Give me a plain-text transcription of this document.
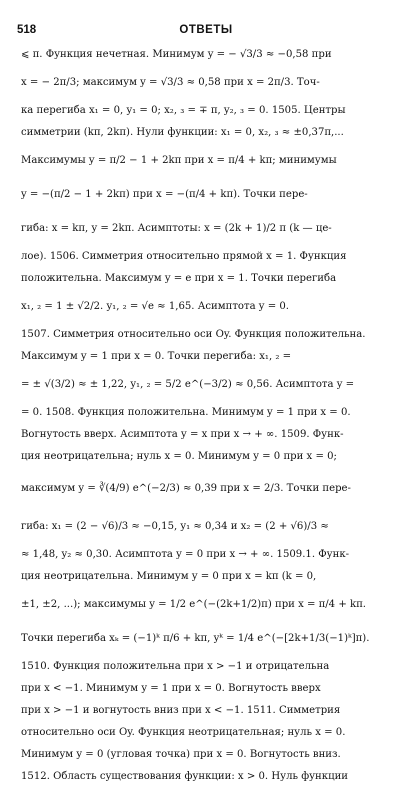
518	ОТВЕТЫ
⩽ π. Функция нечетная. Минимум y = − √3/3 ≈ −0,58 при
x = − 2π/3; максимум y = √3/3 ≈ 0,58 при x = 2π/3. Точ-
ка перегиба x₁ = 0, y₁ = 0; x₂, ₃ = ∓ π, y₂, ₃ = 0. 1505. Центры
симметрии (kπ, 2kπ). Нули функции: x₁ = 0, x₂, ₃ ≈ ±0,37π,...
Максимумы y = π/2 − 1 + 2kπ при x = π/4 + kπ; минимумы
y = −(π/2 − 1 + 2kπ) при x = −(π/4 + kπ). Точки пере-
гиба: x = kπ, y = 2kπ. Асимптоты: x = (2k + 1)/2 π (k — це-
лое). 1506. Симметрия относительно прямой x = 1. Функция
положительна. Максимум y = e при x = 1. Точки перегиба
x₁, ₂ = 1 ± √2/2. y₁, ₂ = √e ≈ 1,65. Асимптота y = 0.
1507. Симметрия относительно оси Oy. Функция положительна.
Максимум y = 1 при x = 0. Точки перегиба: x₁, ₂ =
= ± √(3/2) ≈ ± 1,22, y₁, ₂ = 5/2 e^(−3/2) ≈ 0,56. Асимптота y =
= 0. 1508. Функция положительна. Минимум y = 1 при x = 0.
Вогнутость вверх. Асимптота y = x при x → + ∞. 1509. Функ-
ция неотрицательна; нуль x = 0. Минимум y = 0 при x = 0;
максимум y = ∛(4/9) e^(−2/3) ≈ 0,39 при x = 2/3. Точки пере-
гиба: x₁ = (2 − √6)/3 ≈ −0,15, y₁ ≈ 0,34 и x₂ = (2 + √6)/3 ≈
≈ 1,48, y₂ ≈ 0,30. Асимптота y = 0 при x → + ∞. 1509.1. Функ-
ция неотрицательна. Минимум y = 0 при x = kπ (k = 0,
±1, ±2, ...); максимумы y = 1/2 e^(−(2k+1/2)π) при x = π/4 + kπ.
Точки перегиба xₖ = (−1)ᵏ π/6 + kπ, yᵏ = 1/4 e^(−[2k+1/3(−1)ᵏ]π).
1510. Функция положительна при x > −1 и отрицательна
при x < −1. Минимум y = 1 при x = 0. Вогнутость вверх
при x > −1 и вогнутость вниз при x < −1. 1511. Симметрия
относительно оси Oy. Функция неотрицательная; нуль x = 0.
Минимум y = 0 (угловая точка) при x = 0. Вогнутость вниз.
1512. Область существования функции: x > 0. Нуль функции
